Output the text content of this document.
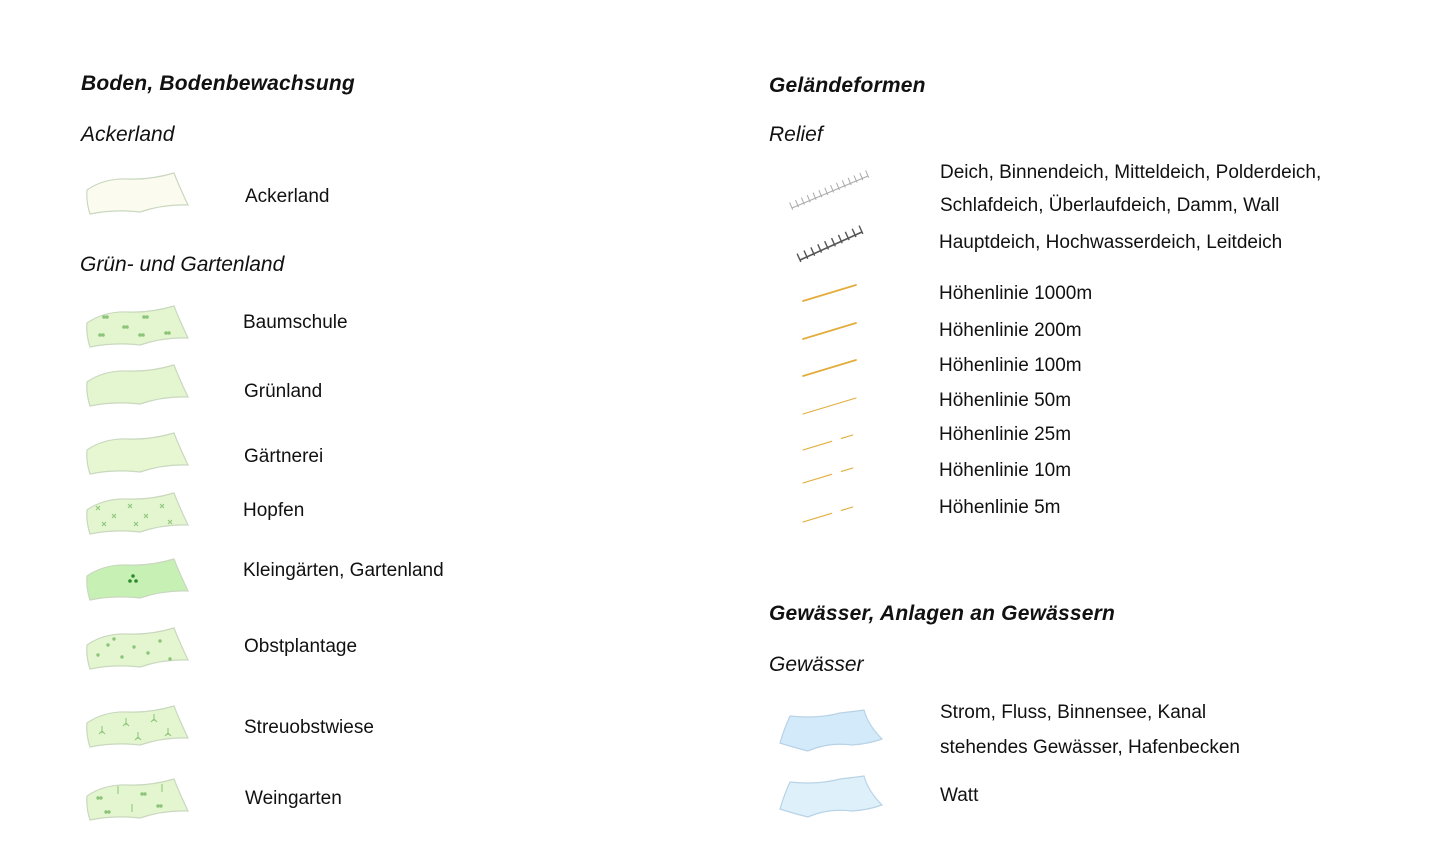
Boden, Bodenbewachsung
Ackerland
Ackerland
Grün- und Gartenland
Baumschule
Grünland
Gärtnerei
Hopfen
Kleingärten, Gartenland
Obstplantage
Streuobstwiese
Weingarten
Geländeformen
Relief
Deich, Binnendeich, Mitteldeich, Polderdeich,
Schlafdeich, Überlaufdeich, Damm, Wall
Hauptdeich, Hochwasserdeich, Leitdeich
Höhenlinie 1000m
Höhenlinie 200m
Höhenlinie 100m
Höhenlinie 50m
Höhenlinie 25m
Höhenlinie 10m
Höhenlinie 5m
Gewässer, Anlagen an Gewässern
Gewässer
Strom, Fluss, Binnensee, Kanal
stehendes Gewässer, Hafenbecken
Watt
